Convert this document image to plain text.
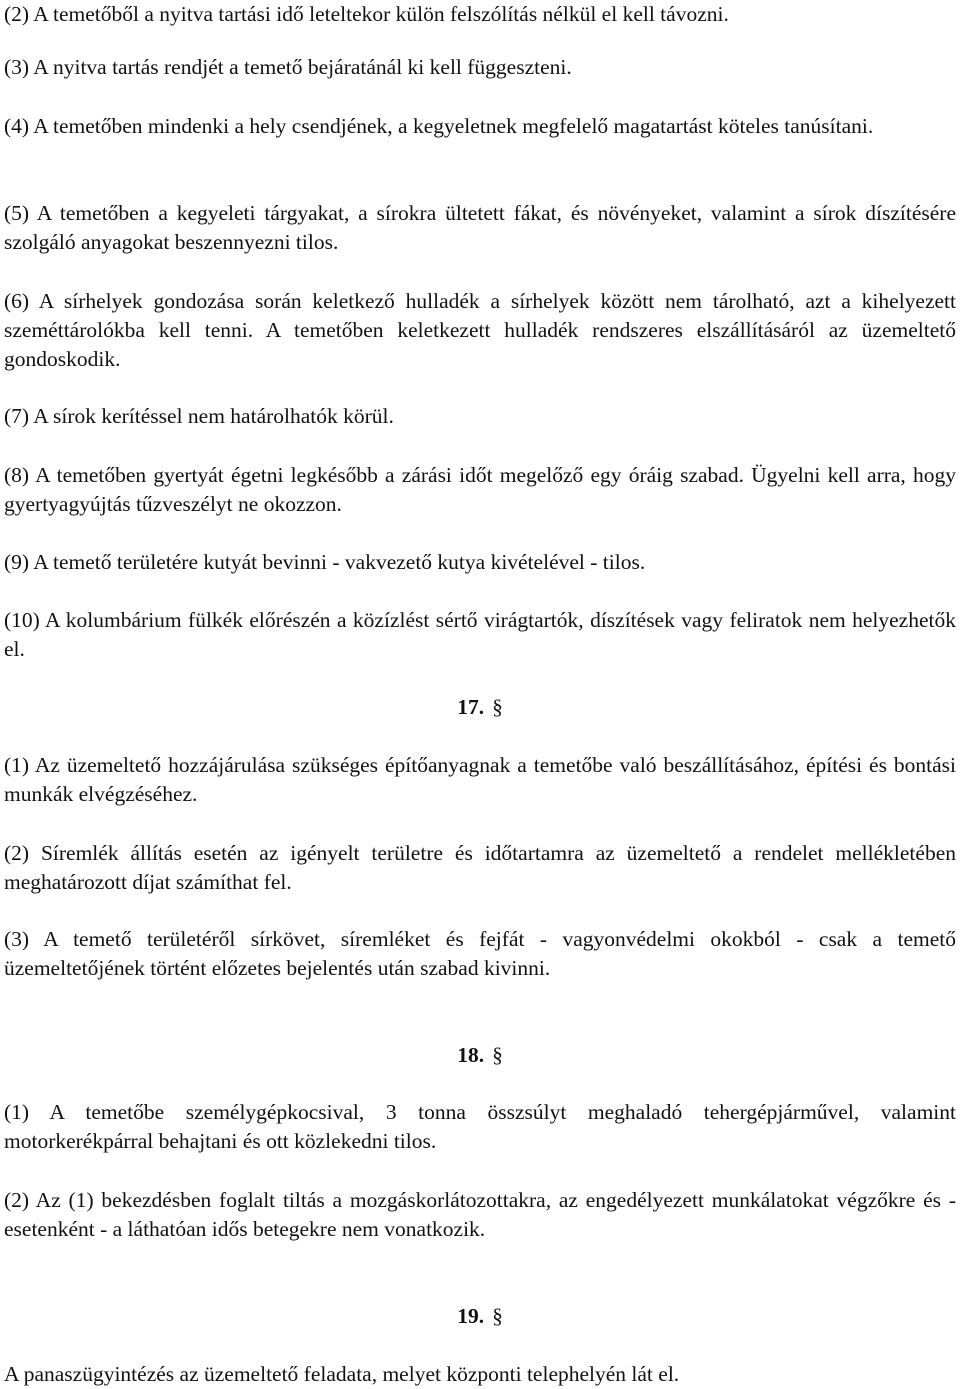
(2) A temetőből a nyitva tartási idő leteltekor külön felszólítás nélkül el kell távozni.

(3) A nyitva tartás rendjét a temető bejáratánál ki kell függeszteni.

(4) A temetőben mindenki a hely csendjének, a kegyeletnek megfelelő magatartást köteles tanúsítani.

(5) A temetőben a kegyeleti tárgyakat, a sírokra ültetett fákat, és növényeket, valamint a sírok díszítésére szolgáló anyagokat beszennyezni tilos.

(6) A sírhelyek gondozása során keletkező hulladék a sírhelyek között nem tárolható, azt a kihelyezett szeméttárolókba kell tenni. A temetőben keletkezett hulladék rendszeres elszállításáról az üzemeltető gondoskodik.

(7) A sírok kerítéssel nem határolhatók körül.

(8) A temetőben gyertyát égetni legkésőbb a zárási időt megelőző egy óráig szabad. Ügyelni kell arra, hogy gyertyagyújtás tűzveszélyt ne okozzon.

(9) A temető területére kutyát bevinni - vakvezető kutya kivételével - tilos.

(10) A kolumbárium fülkék előrészén a közízlést sértő virágtartók, díszítések vagy feliratok nem helyezhetők el.

17. §

(1) Az üzemeltető hozzájárulása szükséges építőanyagnak a temetőbe való beszállításához, építési és bontási munkák elvégzéséhez.

(2) Síremlék állítás esetén az igényelt területre és időtartamra az üzemeltető a rendelet mellékletében meghatározott díjat számíthat fel.

(3) A temető területéről sírkövet, síremléket és fejfát - vagyonvédelmi okokból - csak a temető üzemeltetőjének történt előzetes bejelentés után szabad kivinni.

18. §

(1) A temetőbe személygépkocsival, 3 tonna összsúlyt meghaladó tehergépjárművel, valamint motorkerékpárral behajtani és ott közlekedni tilos.

(2) Az (1) bekezdésben foglalt tiltás a mozgáskorlátozottakra, az engedélyezett munkálatokat végzőkre és - esetenként - a láthatóan idős betegekre nem vonatkozik.

19. §

A panaszügyintézés az üzemeltető feladata, melyet központi telephelyén lát el.
